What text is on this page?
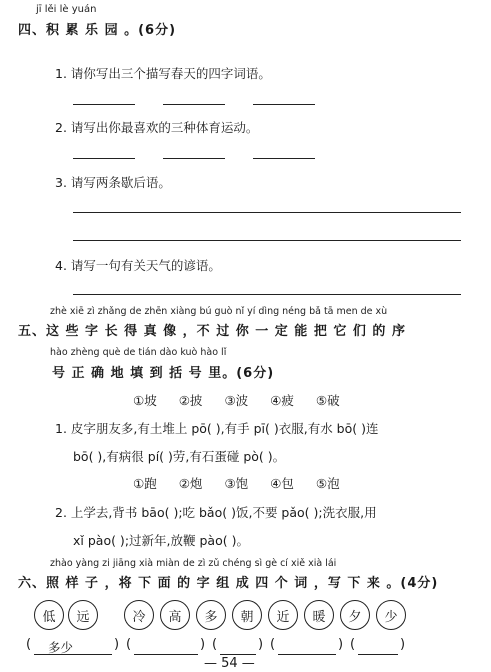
jī lěi lè yuán
四、积 累 乐 园 。(6分)
1. 请你写出三个描写春天的四字词语。
2. 请写出你最喜欢的三种体育运动。
3. 请写两条歇后语。
4. 请写一句有关天气的谚语。
zhè xiē zì zhǎng de zhēn xiàng bú guò nǐ yí dìng néng bǎ tā men de xù
五、这 些 字 长 得 真 像 ，不 过 你 一 定 能 把 它 们 的 序
hào zhèng què de tián dào kuò hào lǐ
号 正 确 地 填 到 括 号 里。(6分)
①坡 ②披 ③波 ④疲 ⑤破
1. 皮字朋友多,有土堆上 pō( ),有手 pī( )衣服,有水 bō( )连
bō( ),有病很 pí( )劳,有石蛋碰 pò( )。
①跑 ②炮 ③饱 ④包 ⑤泡
2. 上学去,背书 bāo( );吃 bǎo( )饭,不要 pǎo( );洗衣服,用
xǐ pào( );过新年,放鞭 pào( )。
zhào yàng zi jiāng xià miàn de zì zǔ chéng sì gè cí xiě xià lái
六、照 样 子 ，将 下 面 的 字 组 成 四 个 词 ，写 下 来 。(4分)
低	远	冷	高	多	朝	近	暖	夕	少
( 多少	) (	) (	) (	) (	)
— 54 —
